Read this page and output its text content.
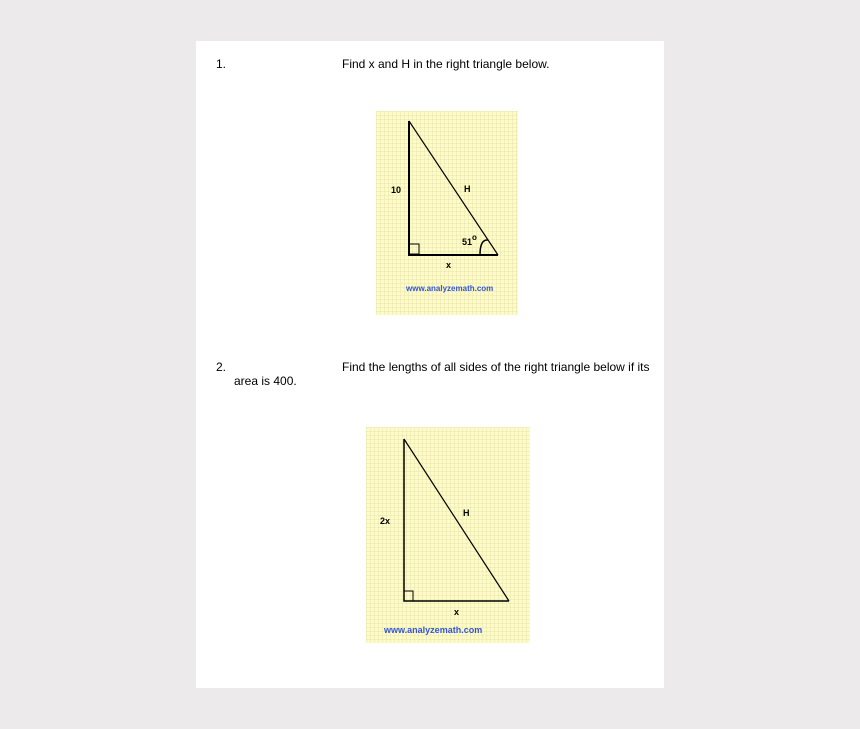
1.	Find x and H in the right triangle below.
10	H
51 o
x
www.analyzemath.com
2.	Find the lengths of all sides of the right triangle below if its
area is 400.
2x
H
x
www.analyzemath.com
